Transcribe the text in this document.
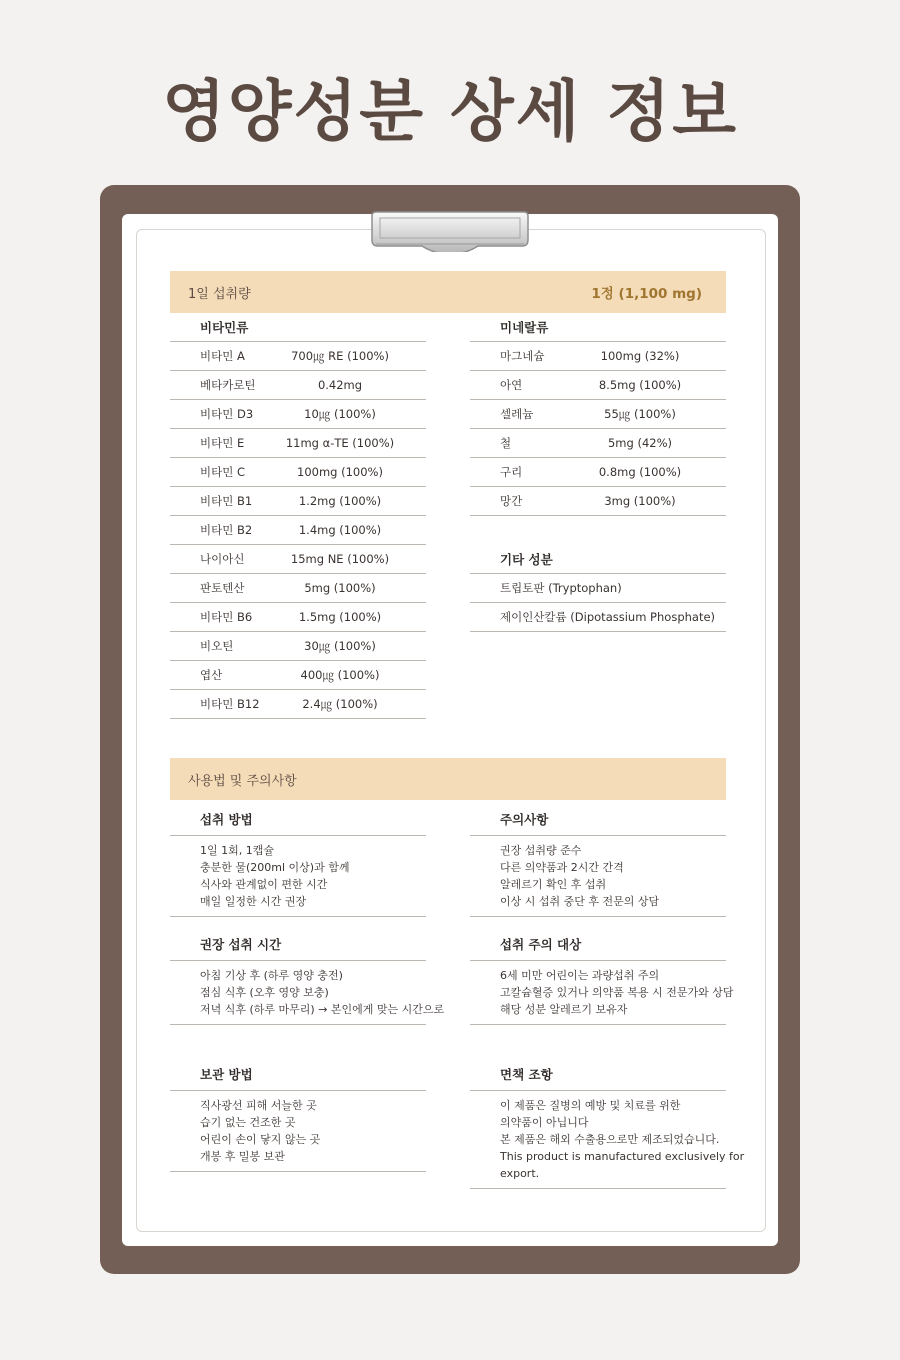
영양성분 상세 정보
1일 섭취량	1정 (1,100 mg)
비타민류
비타민 A	700㎍ RE (100%)
베타카로틴	0.42mg
비타민 D3	10㎍ (100%)
비타민 E	11mg α-TE (100%)
비타민 C	100mg (100%)
비타민 B1	1.2mg (100%)
비타민 B2	1.4mg (100%)
나이아신	15mg NE (100%)
판토텐산	5mg (100%)
비타민 B6	1.5mg (100%)
비오틴	30㎍ (100%)
엽산	400㎍ (100%)
비타민 B12	2.4㎍ (100%)
미네랄류
마그네슘	100mg (32%)
아연	8.5mg (100%)
셀레늄	55㎍ (100%)
철	5mg (42%)
구리	0.8mg (100%)
망간	3mg (100%)
기타 성분
트립토판 (Tryptophan)
제이인산칼륨 (Dipotassium Phosphate)
사용법 및 주의사항
섭취 방법
1일 1회, 1캡슐
충분한 물(200ml 이상)과 함께
식사와 관계없이 편한 시간
매일 일정한 시간 권장
주의사항
권장 섭취량 준수
다른 의약품과 2시간 간격
알레르기 확인 후 섭취
이상 시 섭취 중단 후 전문의 상담
권장 섭취 시간
아침 기상 후 (하루 영양 충전)
점심 식후 (오후 영양 보충)
저녁 식후 (하루 마무리) → 본인에게 맞는 시간으로
섭취 주의 대상
6세 미만 어린이는 과량섭취 주의
고칼슘혈증 있거나 의약품 복용 시 전문가와 상담
해당 성분 알레르기 보유자
보관 방법
직사광선 피해 서늘한 곳
습기 없는 건조한 곳
어린이 손이 닿지 않는 곳
개봉 후 밀봉 보관
면책 조항
이 제품은 질병의 예방 및 치료를 위한
의약품이 아닙니다
본 제품은 해외 수출용으로만 제조되었습니다.
This product is manufactured exclusively for
export.
